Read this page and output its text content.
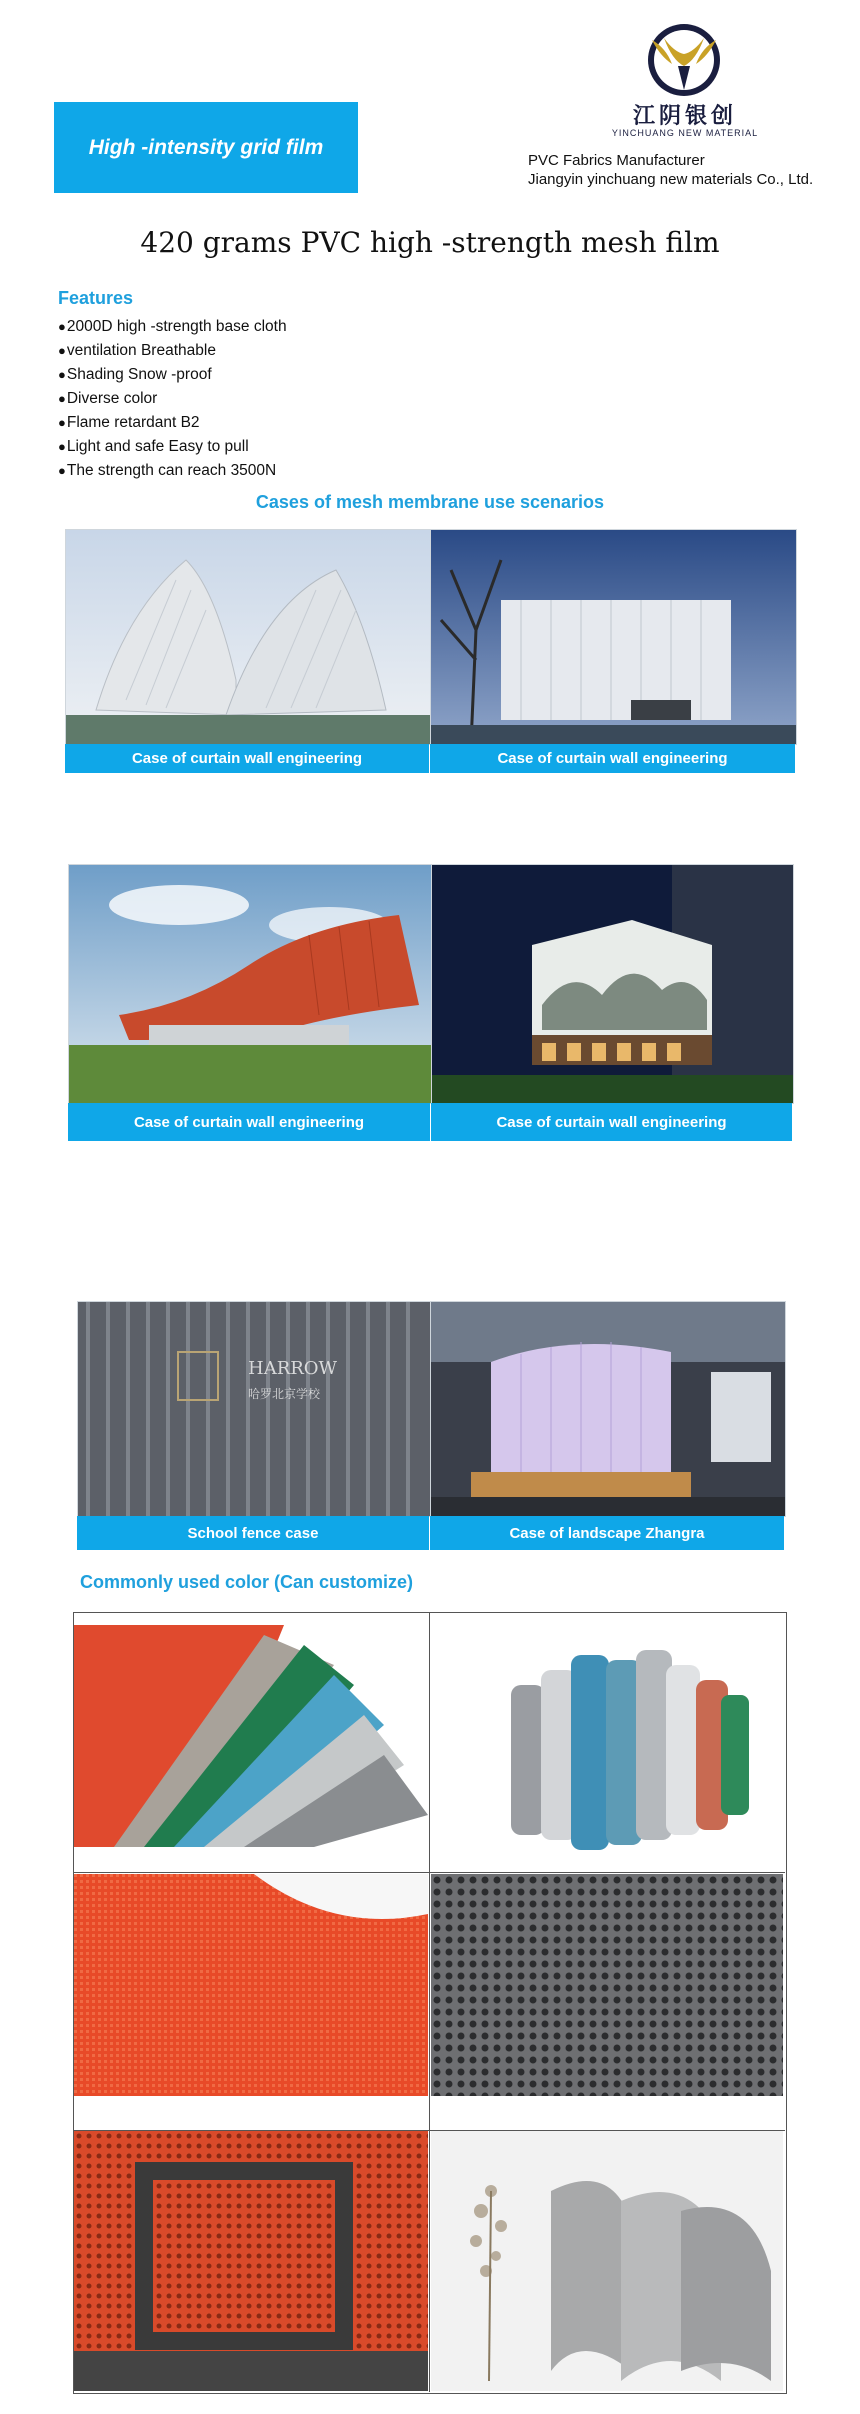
High -intensity grid film
江阴银创
YINCHUANG NEW MATERIAL
PVC Fabrics Manufacturer
Jiangyin yinchuang new materials Co., Ltd.
420 grams PVC high -strength mesh film
Features
● 2000D high -strength base cloth
● ventilation Breathable
● Shading Snow -proof
● Diverse color
● Flame retardant B2
● Light and safe Easy to pull
● The strength can reach 3500N
Cases of mesh membrane use scenarios
Case of curtain wall engineering	Case of curtain wall engineering
Case of curtain wall engineering	Case of curtain wall engineering
HARROW
哈罗北京学校
School fence case	Case of landscape Zhangra
Commonly used color (Can customize)
